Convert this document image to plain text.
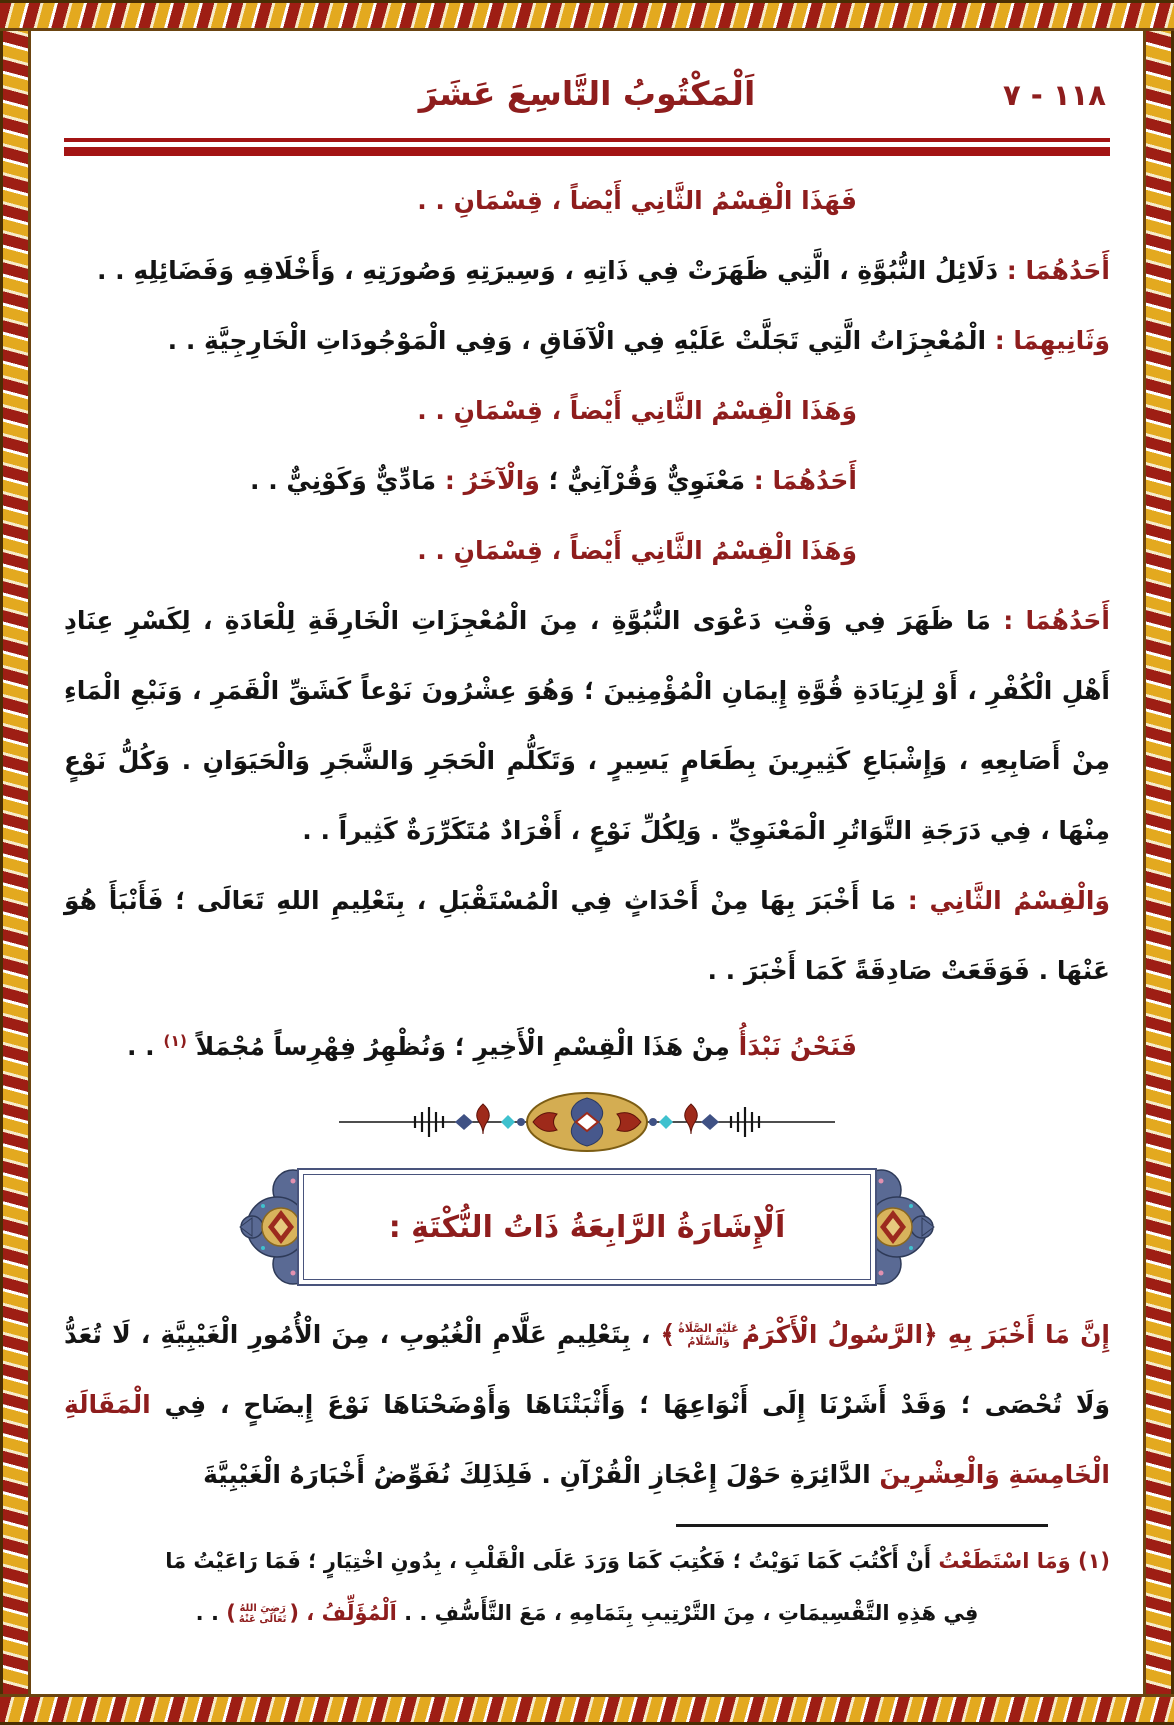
اَلْمَكْتُوبُ التَّاسِعَ عَشَرَ	١١٨ - ٧

فَهَذَا الْقِسْمُ الثَّانِي أَيْضاً ، قِسْمَانِ . .

أَحَدُهُمَا : دَلَائِلُ النُّبُوَّةِ ، الَّتِي ظَهَرَتْ فِي ذَاتِهِ ، وَسِيرَتِهِ وَصُورَتِهِ ، وَأَخْلَاقِهِ وَفَضَائِلِهِ . .

وَثَانِيهِمَا : الْمُعْجِزَاتُ الَّتِي تَجَلَّتْ عَلَيْهِ فِي الْآفَاقِ ، وَفِي الْمَوْجُودَاتِ الْخَارِجِيَّةِ . .

وَهَذَا الْقِسْمُ الثَّانِي أَيْضاً ، قِسْمَانِ . .

أَحَدُهُمَا : مَعْنَوِيٌّ وَقُرْآنِيٌّ ؛ وَالْآخَرُ : مَادِّيٌّ وَكَوْنِيٌّ . .

وَهَذَا الْقِسْمُ الثَّانِي أَيْضاً ، قِسْمَانِ . .

أَحَدُهُمَا : مَا ظَهَرَ فِي وَقْتِ دَعْوَى النُّبُوَّةِ ، مِنَ الْمُعْجِزَاتِ الْخَارِقَةِ لِلْعَادَةِ ، لِكَسْرِ عِنَادِ أَهْلِ الْكُفْرِ ، أَوْ لِزِيَادَةِ قُوَّةِ إِيمَانِ الْمُؤْمِنِينَ ؛ وَهُوَ عِشْرُونَ نَوْعاً كَشَقِّ الْقَمَرِ ، وَنَبْعِ الْمَاءِ مِنْ أَصَابِعِهِ ، وَإِشْبَاعِ كَثِيرِينَ بِطَعَامٍ يَسِيرٍ ، وَتَكَلُّمِ الْحَجَرِ وَالشَّجَرِ وَالْحَيَوَانِ . وَكُلُّ نَوْعٍ مِنْهَا ، فِي دَرَجَةِ التَّوَاتُرِ الْمَعْنَوِيِّ . وَلِكُلِّ نَوْعٍ ، أَفْرَادٌ مُتَكَرِّرَةٌ كَثِيراً . .

وَالْقِسْمُ الثَّانِي : مَا أَخْبَرَ بِهَا مِنْ أَحْدَاثٍ فِي الْمُسْتَقْبَلِ ، بِتَعْلِيمِ اللهِ تَعَالَى ؛ فَأَنْبَأَ هُوَ عَنْهَا . فَوَقَعَتْ صَادِقَةً كَمَا أَخْبَرَ . .

فَنَحْنُ نَبْدَأُ مِنْ هَذَا الْقِسْمِ الْأَخِيرِ ؛ وَنُظْهِرُ فِهْرِساً مُجْمَلاً $^{(١)}$ . .

اَلْإِشَارَةُ الرَّابِعَةُ ذَاتُ النُّكْتَةِ :

إِنَّ مَا أَخْبَرَ بِهِ ﴿الرَّسُولُ الْأَكْرَمُ
عَلَيْهِ الصَّلَاةُ
وَالسَّلَامُ
﴾ ، بِتَعْلِيمِ عَلَّامِ الْغُيُوبِ ، مِنَ الْأُمُورِ الْغَيْبِيَّةِ ، لَا تُعَدُّ وَلَا تُحْصَى ؛ وَقَدْ أَشَرْنَا إِلَى أَنْوَاعِهَا ؛ وَأَثْبَتْنَاهَا وَأَوْضَحْنَاهَا نَوْعَ إِيضَاحٍ ، فِي الْمَقَالَةِ الْخَامِسَةِ وَالْعِشْرِينَ الدَّائِرَةِ حَوْلَ إِعْجَازِ الْقُرْآنِ . فَلِذَلِكَ نُفَوِّضُ أَخْبَارَهُ الْغَيْبِيَّةَ

(١) وَمَا اسْتَطَعْتُ أَنْ أَكْتُبَ كَمَا نَوَيْتُ ؛ فَكُتِبَ كَمَا وَرَدَ عَلَى الْقَلْبِ ، بِدُونِ اخْتِيَارٍ ؛ فَمَا رَاعَيْتُ مَا
فِي هَذِهِ التَّقْسِيمَاتِ ، مِنَ التَّرْتِيبِ بِتَمَامِهِ ، مَعَ التَّأَسُّفِ . . اَلْمُؤَلِّفُ ، (
رَضِيَ اللهُ
تَعَالَى عَنْهُ
) . .
